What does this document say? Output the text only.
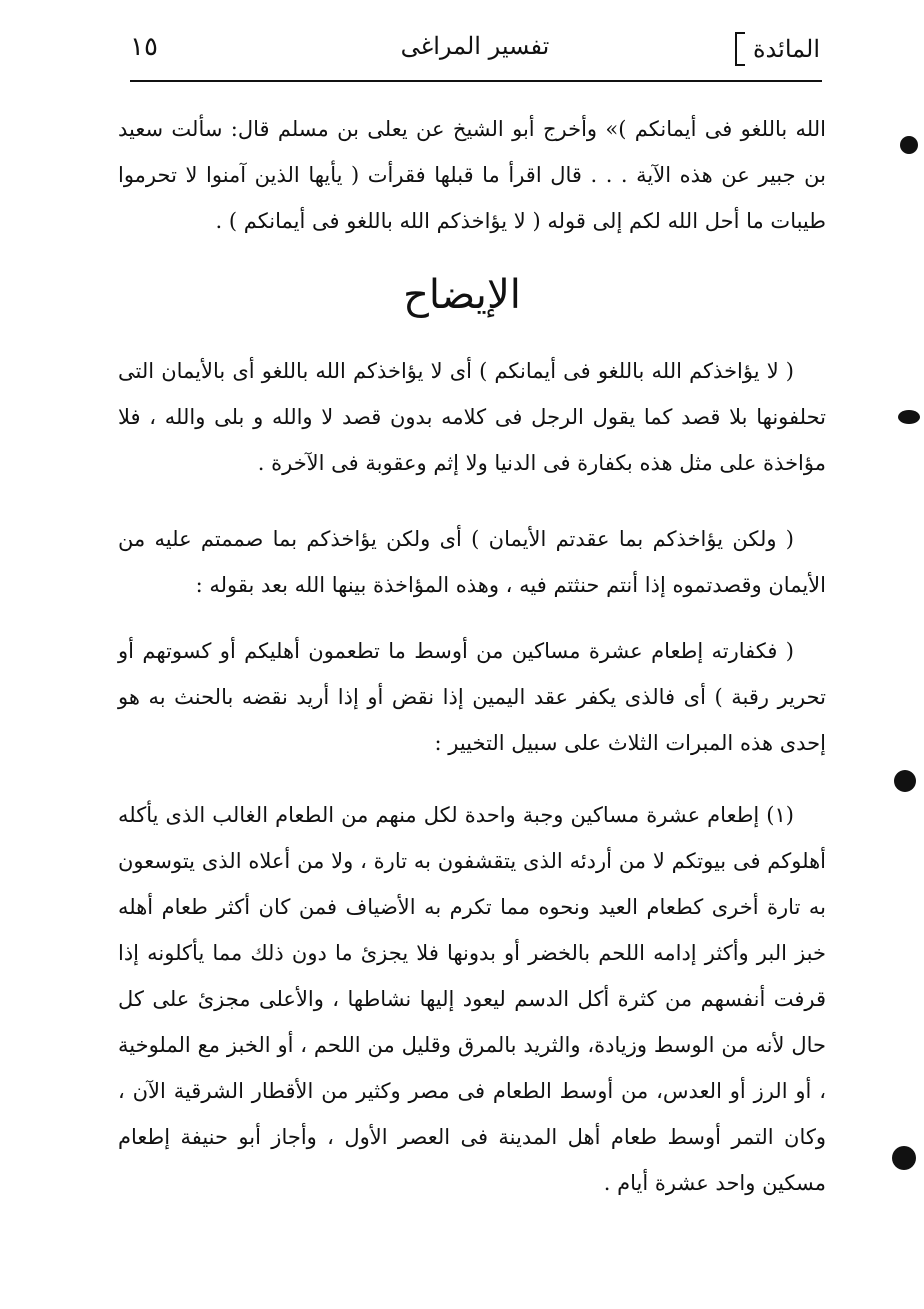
المائدة
تفسير المراغى
١٥
الله باللغو فى أيمانكم )» وأخرج أبو الشيخ عن يعلى بن مسلم قال: سألت سعيد بن جبير عن هذه الآية . . . قال اقرأ ما قبلها فقرأت ( يأيها الذين آمنوا لا تحرموا طيبات ما أحل الله لكم إلى قوله ( لا يؤاخذكم الله باللغو فى أيمانكم ) .
الإيضاح
( لا يؤاخذكم الله باللغو فى أيمانكم ) أى لا يؤاخذكم الله باللغو أى بالأيمان التى تحلفونها بلا قصد كما يقول الرجل فى كلامه بدون قصد لا والله و بلى والله ، فلا مؤاخذة على مثل هذه بكفارة فى الدنيا ولا إثم وعقوبة فى الآخرة .
( ولكن يؤاخذكم بما عقدتم الأيمان ) أى ولكن يؤاخذكم بما صممتم عليه من الأيمان وقصدتموه إذا أنتم حنثتم فيه ، وهذه المؤاخذة بينها الله بعد بقوله :
( فكفارته إطعام عشرة مساكين من أوسط ما تطعمون أهليكم أو كسوتهم أو تحرير رقبة ) أى فالذى يكفر عقد اليمين إذا نقض أو إذا أريد نقضه بالحنث به هو إحدى هذه المبرات الثلاث على سبيل التخيير :
(١) إطعام عشرة مساكين وجبة واحدة لكل منهم من الطعام الغالب الذى يأكله أهلوكم فى بيوتكم لا من أردئه الذى يتقشفون به تارة ، ولا من أعلاه الذى يتوسعون به تارة أخرى كطعام العيد ونحوه مما تكرم به الأضياف فمن كان أكثر طعام أهله خبز البر وأكثر إدامه اللحم بالخضر أو بدونها فلا يجزئ ما دون ذلك مما يأكلونه إذا قرفت أنفسهم من كثرة أكل الدسم ليعود إليها نشاطها ، والأعلى مجزئ على كل حال لأنه من الوسط وزيادة، والثريد بالمرق وقليل من اللحم ، أو الخبز مع الملوخية ، أو الرز أو العدس، من أوسط الطعام فى مصر وكثير من الأقطار الشرقية الآن ، وكان التمر أوسط طعام أهل المدينة فى العصر الأول ، وأجاز أبو حنيفة إطعام مسكين واحد عشرة أيام .
